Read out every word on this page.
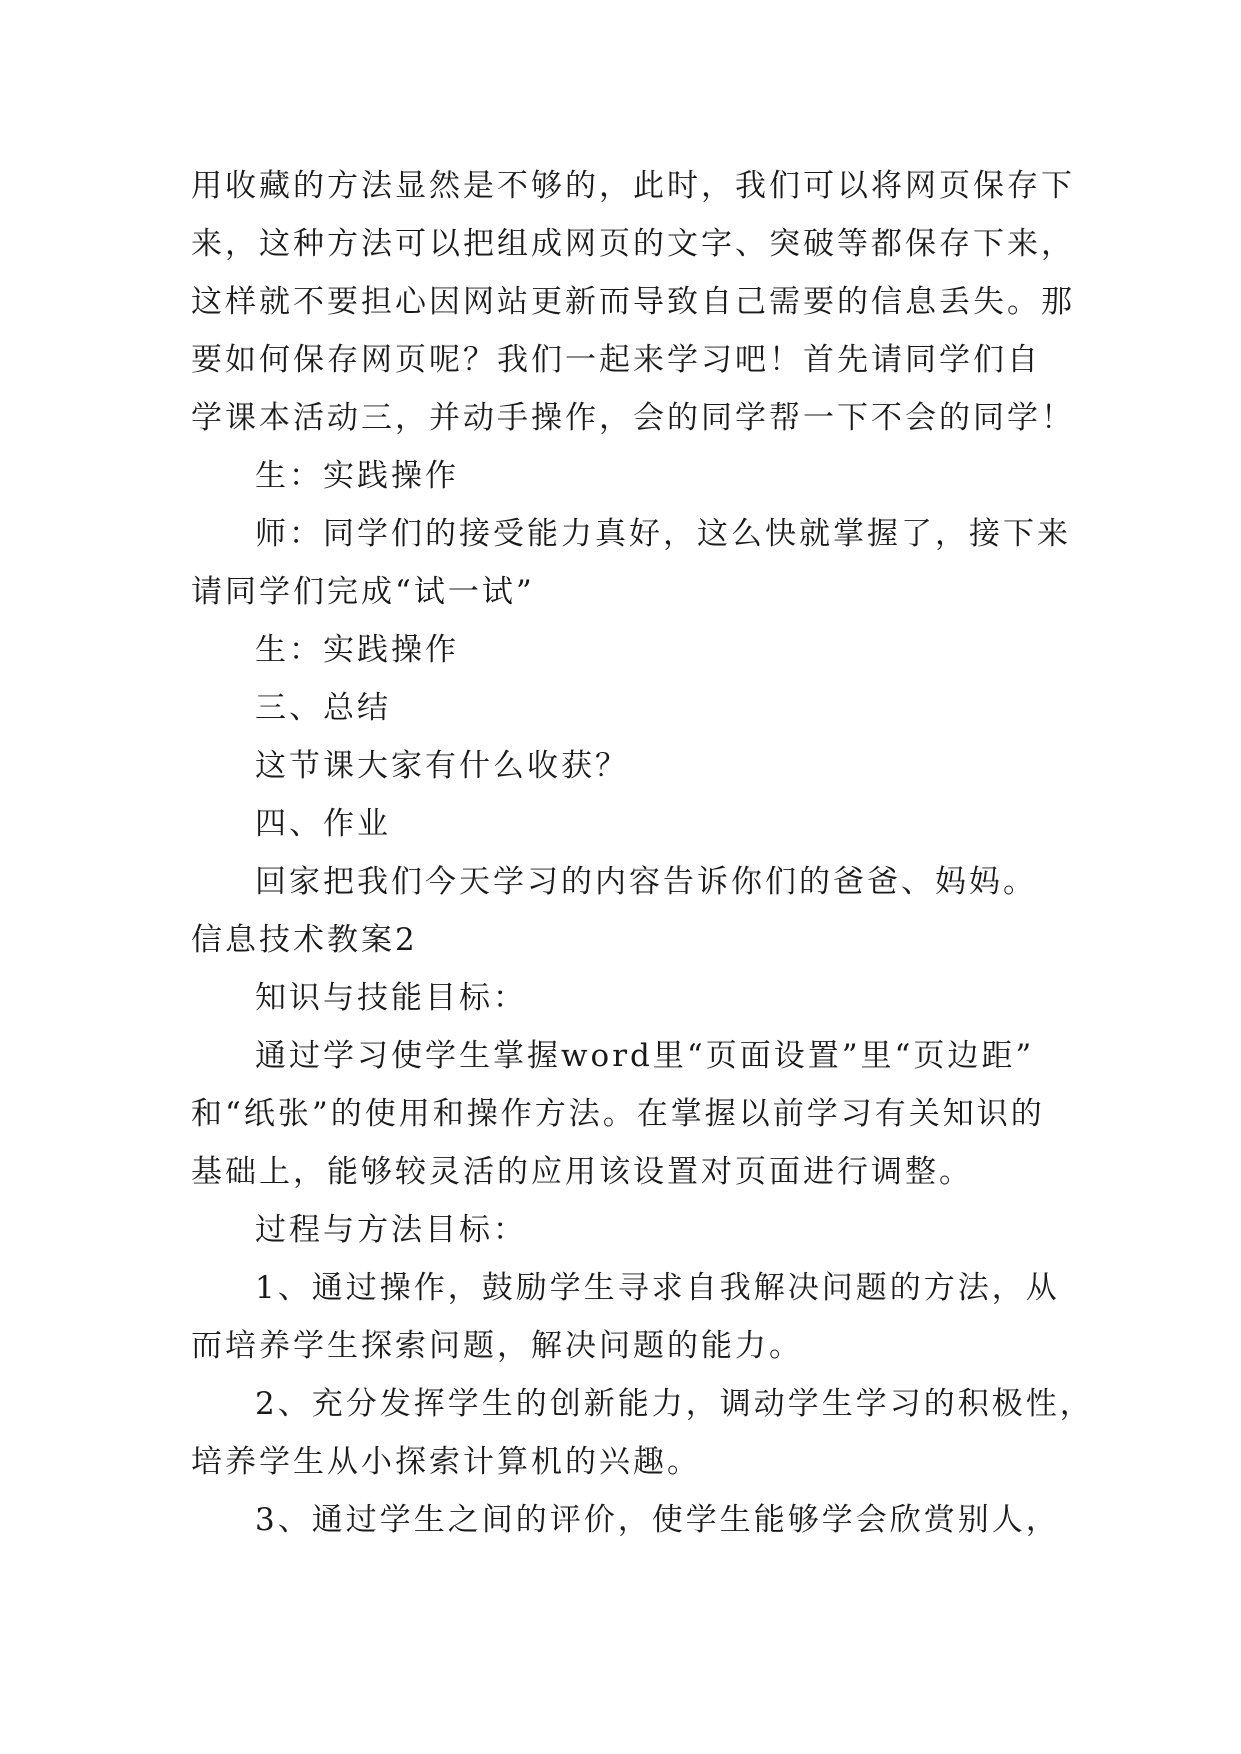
用收藏的方法显然是不够的，此时，我们可以将网页保存下
来，这种方法可以把组成网页的文字、突破等都保存下来，
这样就不要担心因网站更新而导致自己需要的信息丢失。那
要如何保存网页呢？我们一起来学习吧！首先请同学们自
学课本活动三，并动手操作，会的同学帮一下不会的同学！

生：实践操作

师：同学们的接受能力真好，这么快就掌握了，接下来
请同学们完成“试一试”

生：实践操作

三、总结

这节课大家有什么收获？

四、作业

回家把我们今天学习的内容告诉你们的爸爸、妈妈。

信息技术教案2

知识与技能目标：

通过学习使学生掌握word里“页面设置”里“页边距”
和“纸张”的使用和操作方法。在掌握以前学习有关知识的
基础上，能够较灵活的应用该设置对页面进行调整。

过程与方法目标：

1、通过操作，鼓励学生寻求自我解决问题的方法，从
而培养学生探索问题，解决问题的能力。

2、充分发挥学生的创新能力，调动学生学习的积极性，
培养学生从小探索计算机的兴趣。

3、通过学生之间的评价，使学生能够学会欣赏别人，
